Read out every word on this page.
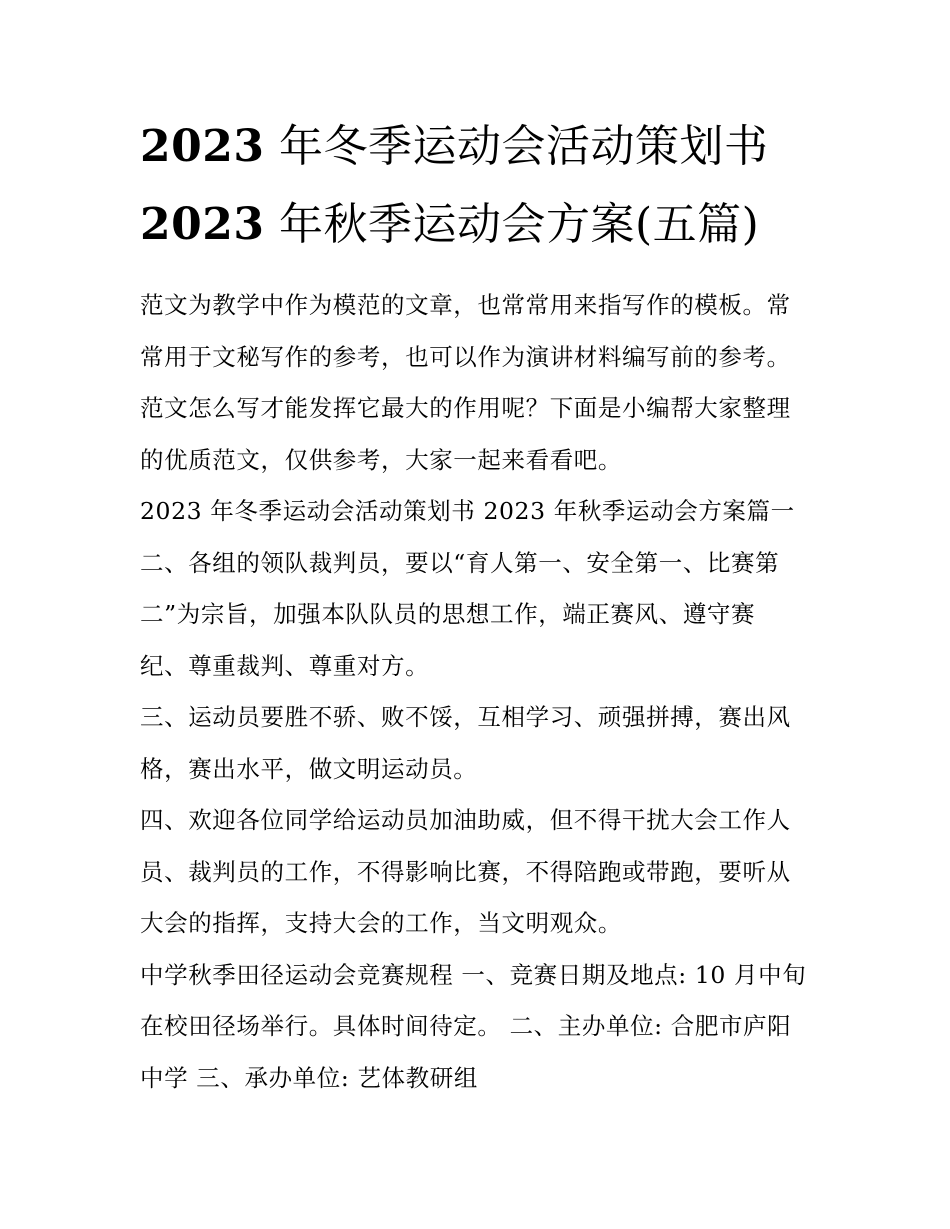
2023 年冬季运动会活动策划书
2023 年秋季运动会方案(五篇)
范文为教学中作为模范的文章，也常常用来指写作的模板。常
常用于文秘写作的参考，也可以作为演讲材料编写前的参考。
范文怎么写才能发挥它最大的作用呢？下面是小编帮大家整理
的优质范文，仅供参考，大家一起来看看吧。
2023 年冬季运动会活动策划书 2023 年秋季运动会方案篇一
二、各组的领队裁判员，要以“育人第一、安全第一、比赛第
二”为宗旨，加强本队队员的思想工作，端正赛风、遵守赛
纪、尊重裁判、尊重对方。
三、运动员要胜不骄、败不馁，互相学习、顽强拼搏，赛出风
格，赛出水平，做文明运动员。
四、欢迎各位同学给运动员加油助威，但不得干扰大会工作人
员、裁判员的工作，不得影响比赛，不得陪跑或带跑，要听从
大会的指挥，支持大会的工作，当文明观众。
中学秋季田径运动会竞赛规程 一、竞赛日期及地点: 10 月中旬
在校田径场举行。具体时间待定。 二、主办单位: 合肥市庐阳
中学 三、承办单位: 艺体教研组
